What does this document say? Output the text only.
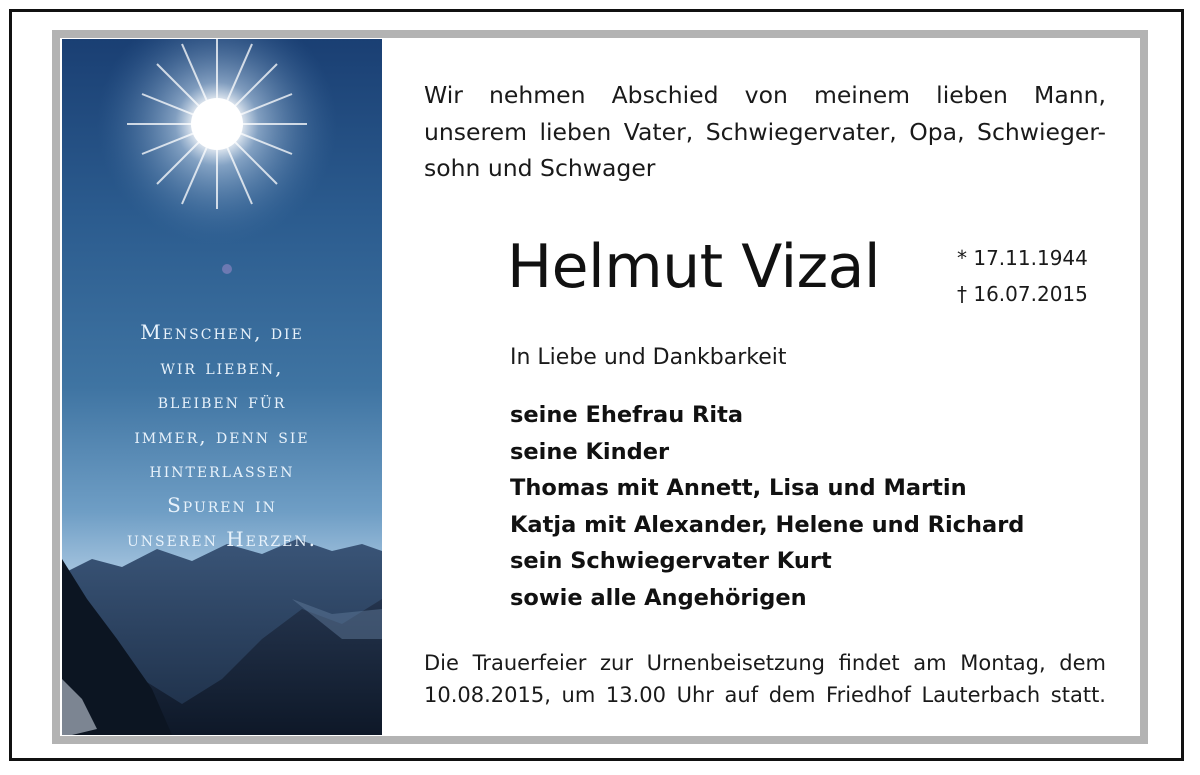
Menschen, die
wir lieben,
bleiben für
immer, denn sie
hinterlassen
Spuren in
unseren Herzen.
Wir nehmen Abschied von meinem lieben Mann,
unserem lieben Vater, Schwiegervater, Opa, Schwieger-
sohn und Schwager
Helmut Vizal	* 17.11.1944
† 16.07.2015
In Liebe und Dankbarkeit
seine Ehefrau Rita
seine Kinder
Thomas mit Annett, Lisa und Martin
Katja mit Alexander, Helene und Richard
sein Schwiegervater Kurt
sowie alle Angehörigen
Die Trauerfeier zur Urnenbeisetzung findet am Montag, dem
10.08.2015, um 13.00 Uhr auf dem Friedhof Lauterbach statt.
